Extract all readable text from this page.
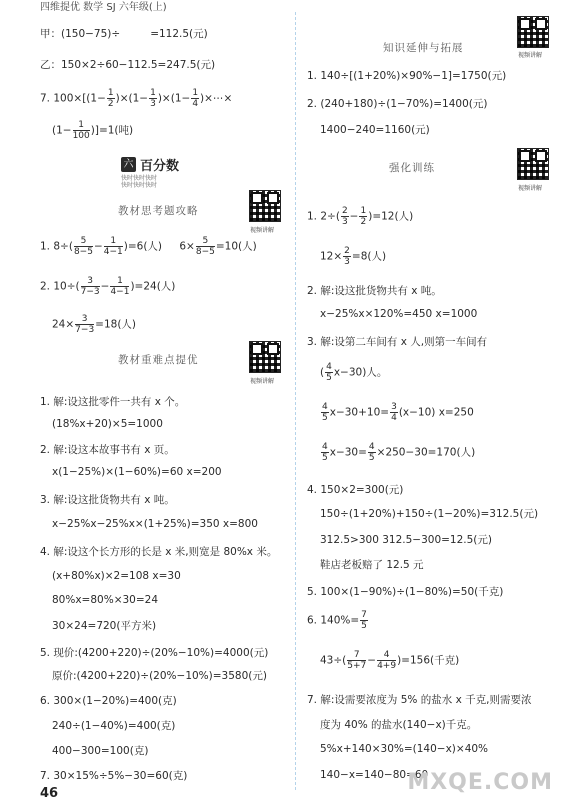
四维提优 数学 SJ 六年级(上)
视频讲解
视频讲解
视频讲解
视频讲解
甲：(150−75)÷	=112.5(元)
乙：150×2÷60−112.5=247.5(元)
7. $100\times[(1- \frac{1}{2} )\times(1- \frac{1}{3} )\times(1- \frac{1}{4}$ )×⋯×
$(1- \frac{1}{100} )]=1$(吨)
六 百分数
快时快时快时
快时快时快时
教材思考题攻略
1. $8\div( \frac{5}{8-5} - \frac{1}{4-1} )=6$(人) $6\times \frac{5}{8-5} =10$(人)
2. $10\div( \frac{3}{7-3} - \frac{1}{4-1} )=24$(人)
$24\times \frac{3}{7-3} =18$(人)
教材重难点提优
1. 解:设这批零件一共有 x 个。
(18%x+20)×5=1000
2. 解:设这本故事书有 x 页。
x(1−25%)×(1−60%)=60 x=200
3. 解:设这批货物共有 x 吨。
x−25%x−25%x×(1+25%)=350 x=800
4. 解:设这个长方形的长是 x 米,则宽是 80%x 米。
(x+80%x)×2=108 x=30
80%x=80%×30=24
30×24=720(平方米)
5. 现价:(4200+220)÷(20%−10%)=4000(元)
原价:(4200+220)÷(20%−10%)=3580(元)
6. 300×(1−20%)=400(克)
240÷(1−40%)=400(克)
400−300=100(克)
7. 30×15%÷5%−30=60(克)
46
知识延伸与拓展
1. 140÷[(1+20%)×90%−1]=1750(元)
2. (240+180)÷(1−70%)=1400(元)
1400−240=1160(元)
强化训练
1. $2\div( \frac{2}{3} - \frac{1}{2} )=12$(人)
$12\times \frac{2}{3} =8$(人)
2. 解:设这批货物共有 x 吨。
x−25%x×120%=450 x=1000
3. 解:设第二车间有 x 人,则第一车间有
( $\frac{4}{5} x-30$)人。
$\frac{4}{5} x-30+10= \frac{3}{4} (x-10)$ x=250
$\frac{4}{5} x-30= \frac{4}{5} \times 250-30=170$(人)
4. 150×2=300(元)
150÷(1+20%)+150÷(1−20%)=312.5(元)
312.5>300 312.5−300=12.5(元)
鞋店老板赔了 12.5 元
5. 100×(1−90%)÷(1−80%)=50(千克)
6. $140\%= \frac{7}{5}$
$43\div( \frac{7}{5+7} - \frac{4}{4+9} )=156$(千克)
7. 解:设需要浓度为 5% 的盐水 x 千克,则需要浓
度为 40% 的盐水(140−x)千克。
5%x+140×30%=(140−x)×40%
140−x=140−80=60
MXQE.COM
